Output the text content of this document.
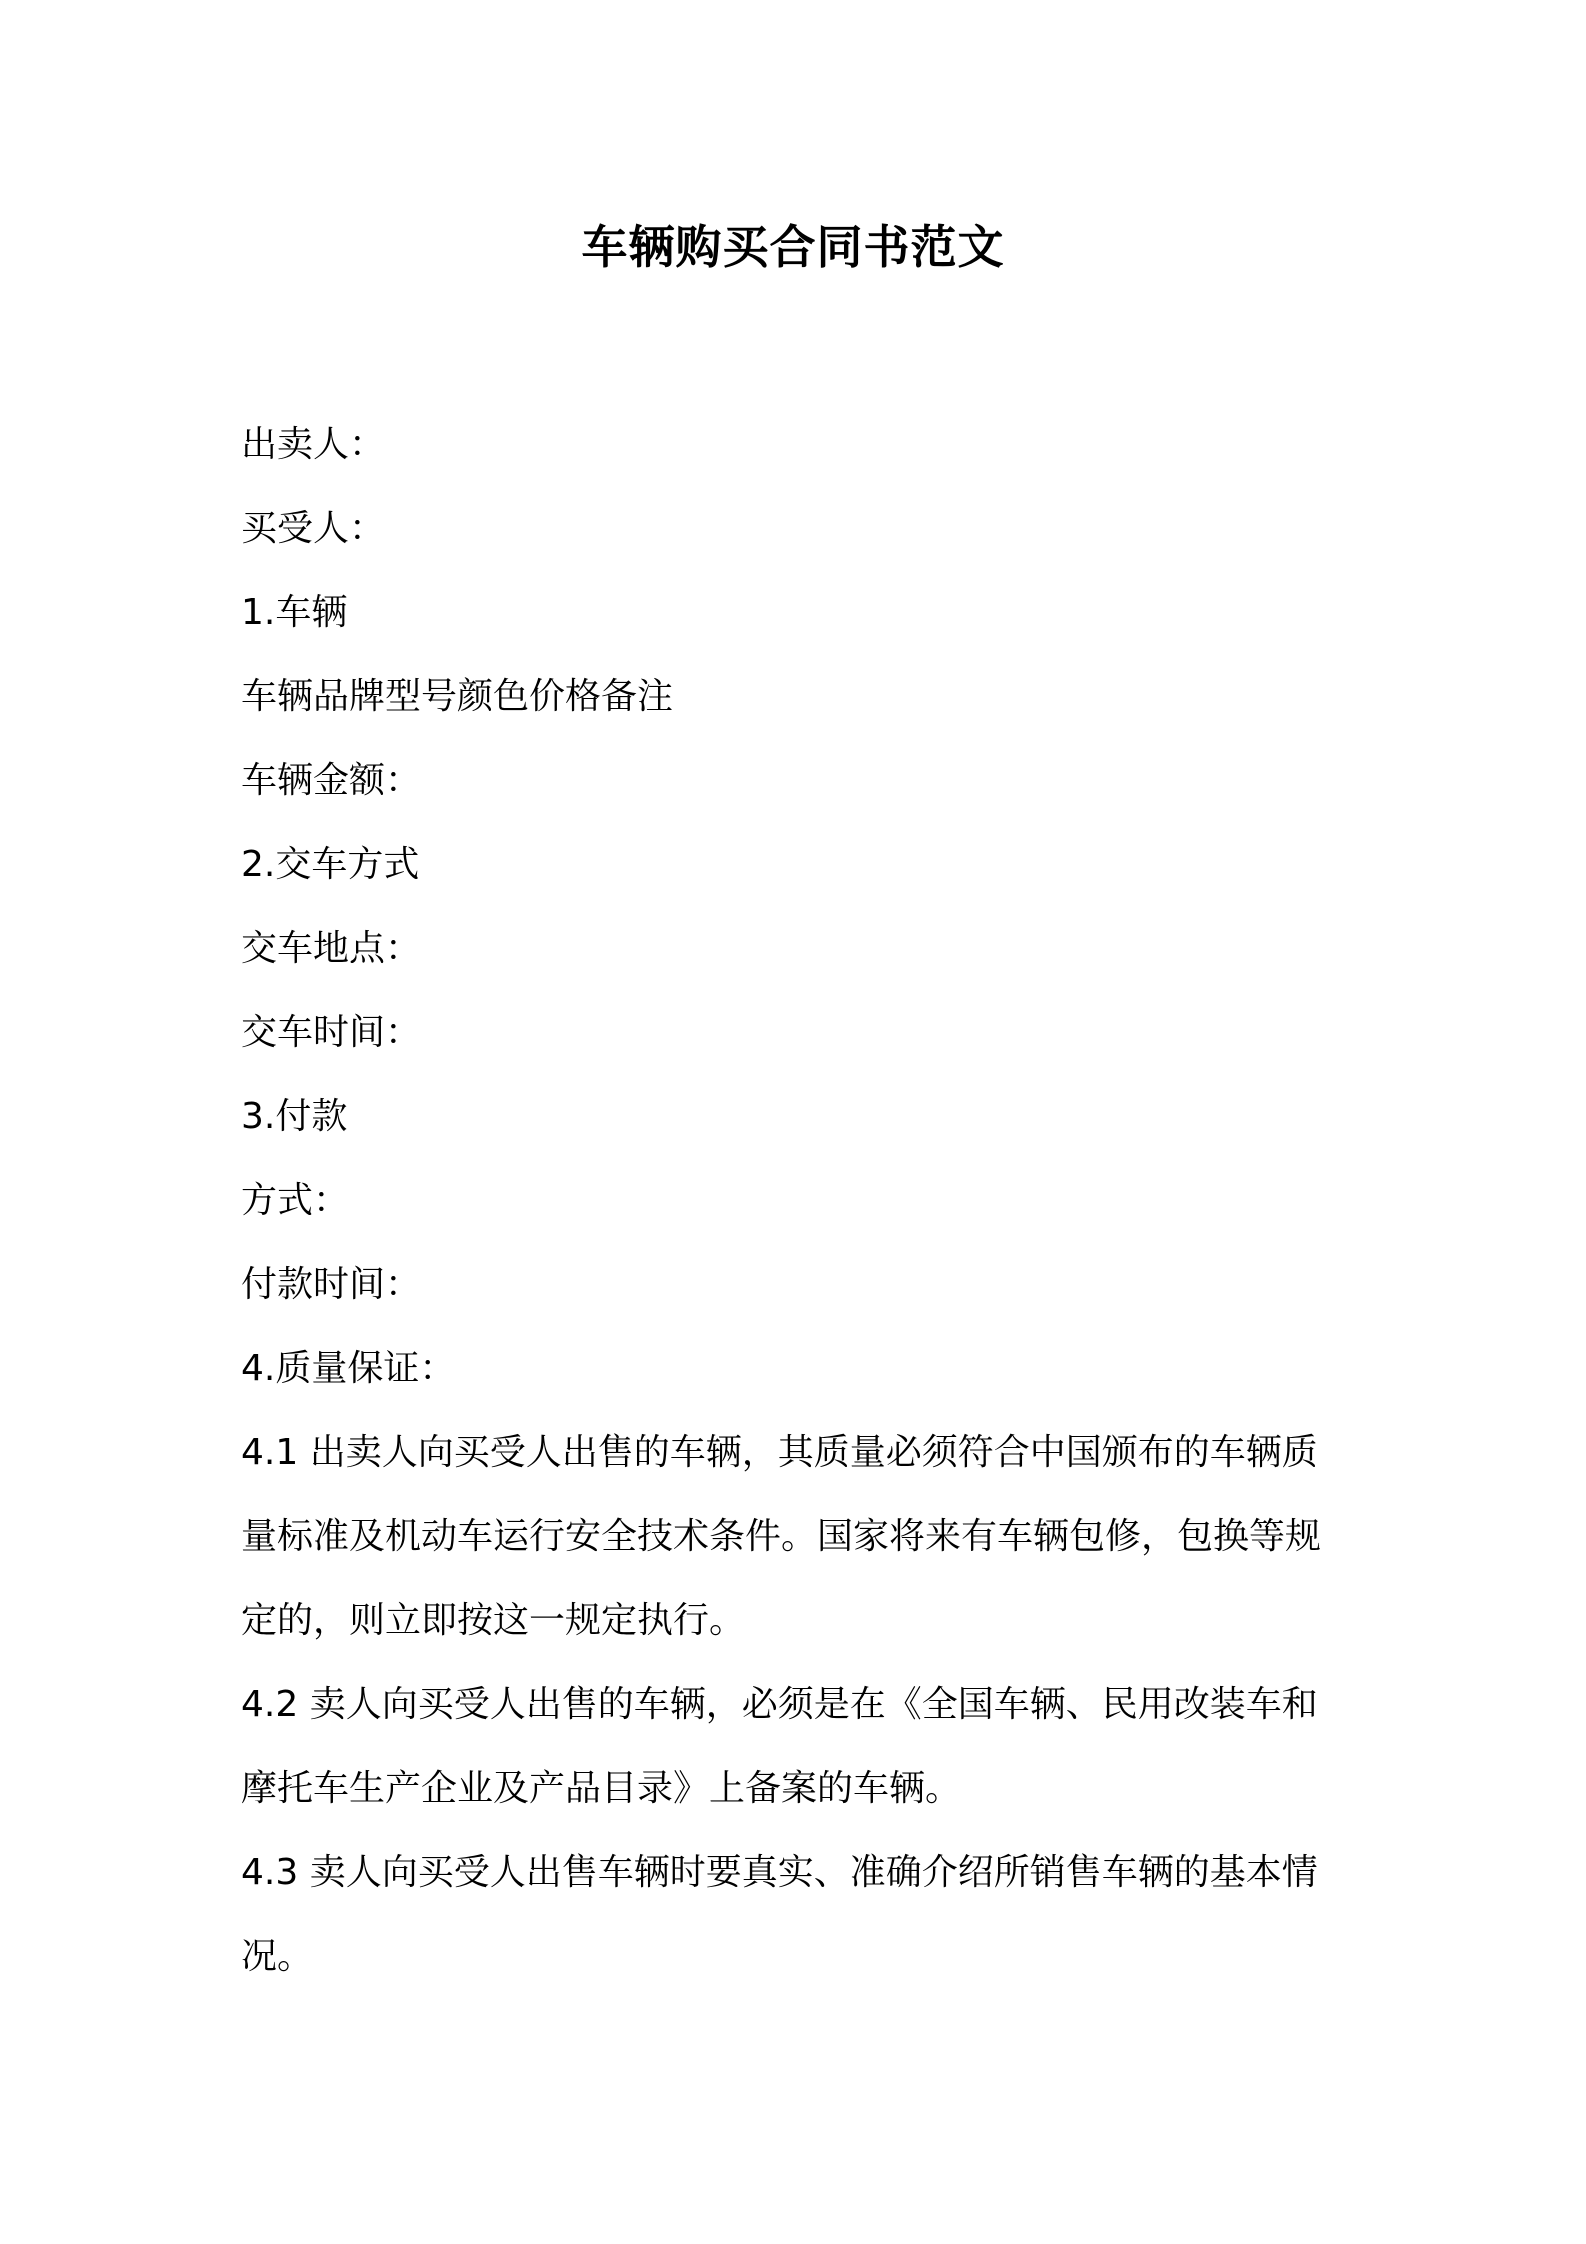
车辆购买合同书范文
出卖人：
买受人：
1.车辆
车辆品牌型号颜色价格备注
车辆金额：
2.交车方式
交车地点：
交车时间：
3.付款
方式：
付款时间：
4.质量保证：
4.1 出卖人向买受人出售的车辆，其质量必须符合中国颁布的车辆质
量标准及机动车运行安全技术条件。国家将来有车辆包修，包换等规
定的，则立即按这一规定执行。
4.2 卖人向买受人出售的车辆，必须是在《全国车辆、民用改装车和
摩托车生产企业及产品目录》上备案的车辆。
4.3 卖人向买受人出售车辆时要真实、准确介绍所销售车辆的基本情
况。
